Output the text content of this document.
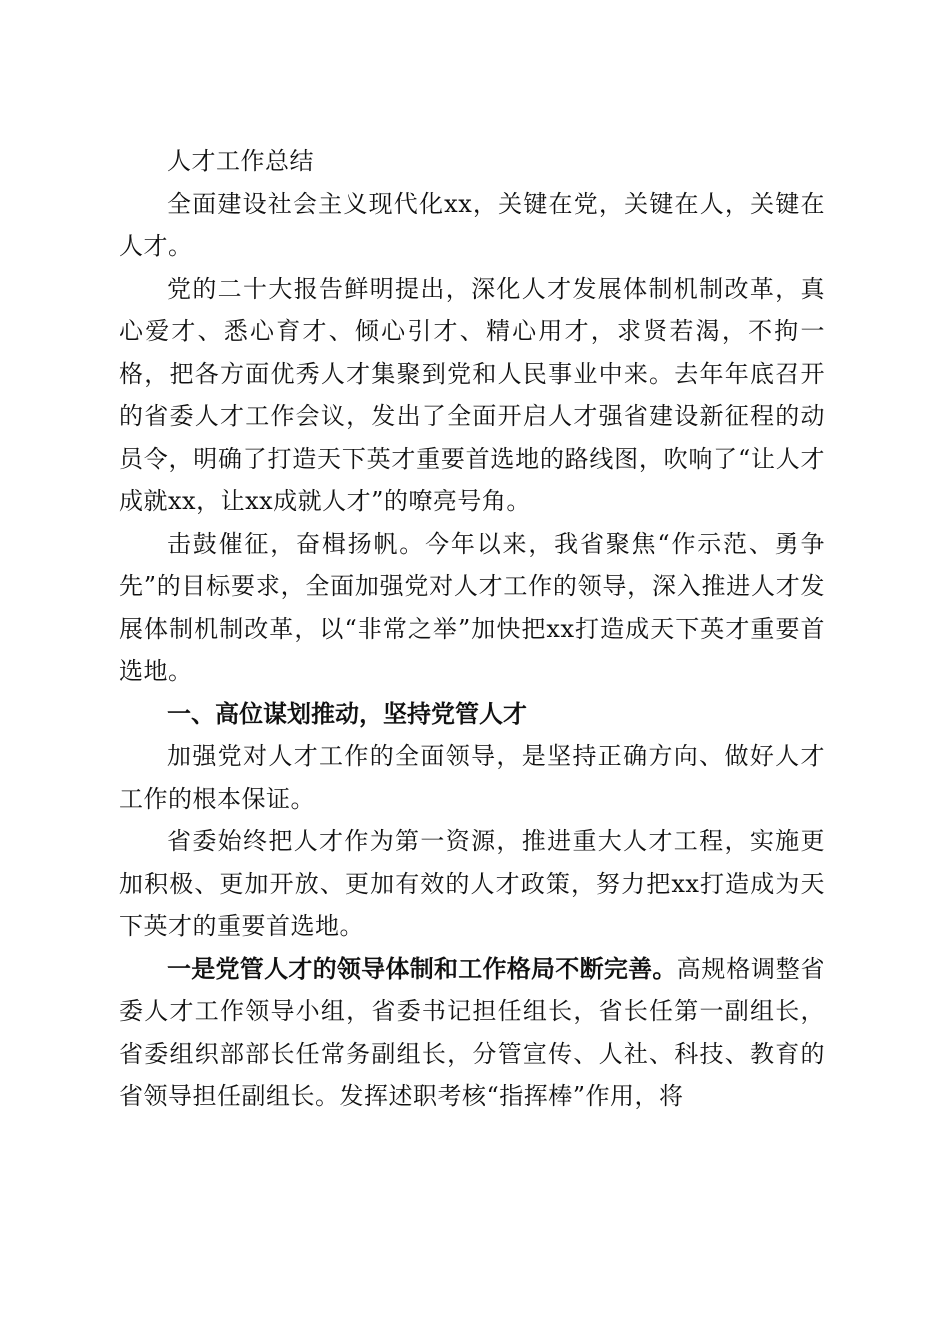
人才工作总结

全面建设社会主义现代化xx，关键在党，关键在人，关键在人才。

党的二十大报告鲜明提出，深化人才发展体制机制改革，真心爱才、悉心育才、倾心引才、精心用才，求贤若渴，不拘一格，把各方面优秀人才集聚到党和人民事业中来。去年年底召开的省委人才工作会议，发出了全面开启人才强省建设新征程的动员令，明确了打造天下英才重要首选地的路线图，吹响了“让人才成就xx，让xx成就人才”的嘹亮号角。

击鼓催征，奋楫扬帆。今年以来，我省聚焦“作示范、勇争先”的目标要求，全面加强党对人才工作的领导，深入推进人才发展体制机制改革，以“非常之举”加快把xx打造成天下英才重要首选地。

一、高位谋划推动，坚持党管人才

加强党对人才工作的全面领导，是坚持正确方向、做好人才工作的根本保证。

省委始终把人才作为第一资源，推进重大人才工程，实施更加积极、更加开放、更加有效的人才政策，努力把xx打造成为天下英才的重要首选地。

一是党管人才的领导体制和工作格局不断完善。高规格调整省委人才工作领导小组，省委书记担任组长，省长任第一副组长，省委组织部部长任常务副组长，分管宣传、人社、科技、教育的省领导担任副组长。发挥述职考核“指挥棒”作用，将
